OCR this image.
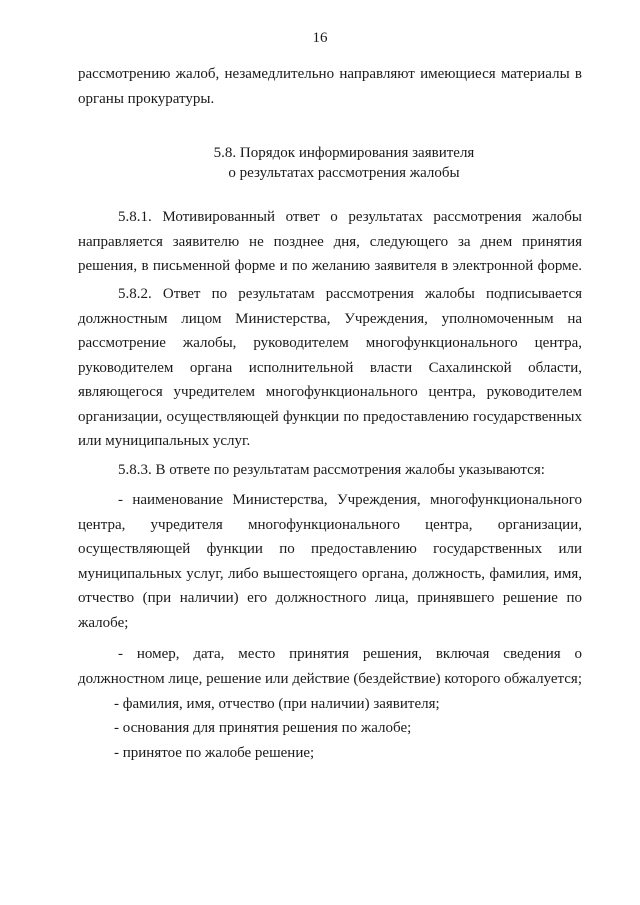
16
рассмотрению жалоб, незамедлительно направляют имеющиеся материалы в
органы прокуратуры.
5.8. Порядок информирования заявителя
о результатах рассмотрения жалобы
5.8.1. Мотивированный ответ о результатах рассмотрения жалобы
направляется заявителю не позднее дня, следующего за днем принятия
решения, в письменной форме и по желанию заявителя в электронной форме.
5.8.2. Ответ по результатам рассмотрения жалобы подписывается
должностным лицом Министерства, Учреждения, уполномоченным на
рассмотрение жалобы, руководителем многофункционального центра,
руководителем органа исполнительной власти Сахалинской области,
являющегося учредителем многофункционального центра, руководителем
организации, осуществляющей функции по предоставлению государственных
или муниципальных услуг.
5.8.3. В ответе по результатам рассмотрения жалобы указываются:
- наименование Министерства, Учреждения, многофункционального
центра, учредителя многофункционального центра, организации,
осуществляющей функции по предоставлению государственных или
муниципальных услуг, либо вышестоящего органа, должность, фамилия, имя,
отчество (при наличии) его должностного лица, принявшего решение по
жалобе;
- номер, дата, место принятия решения, включая сведения о
должностном лице, решение или действие (бездействие) которого обжалуется;
- фамилия, имя, отчество (при наличии) заявителя;
- основания для принятия решения по жалобе;
- принятое по жалобе решение;
